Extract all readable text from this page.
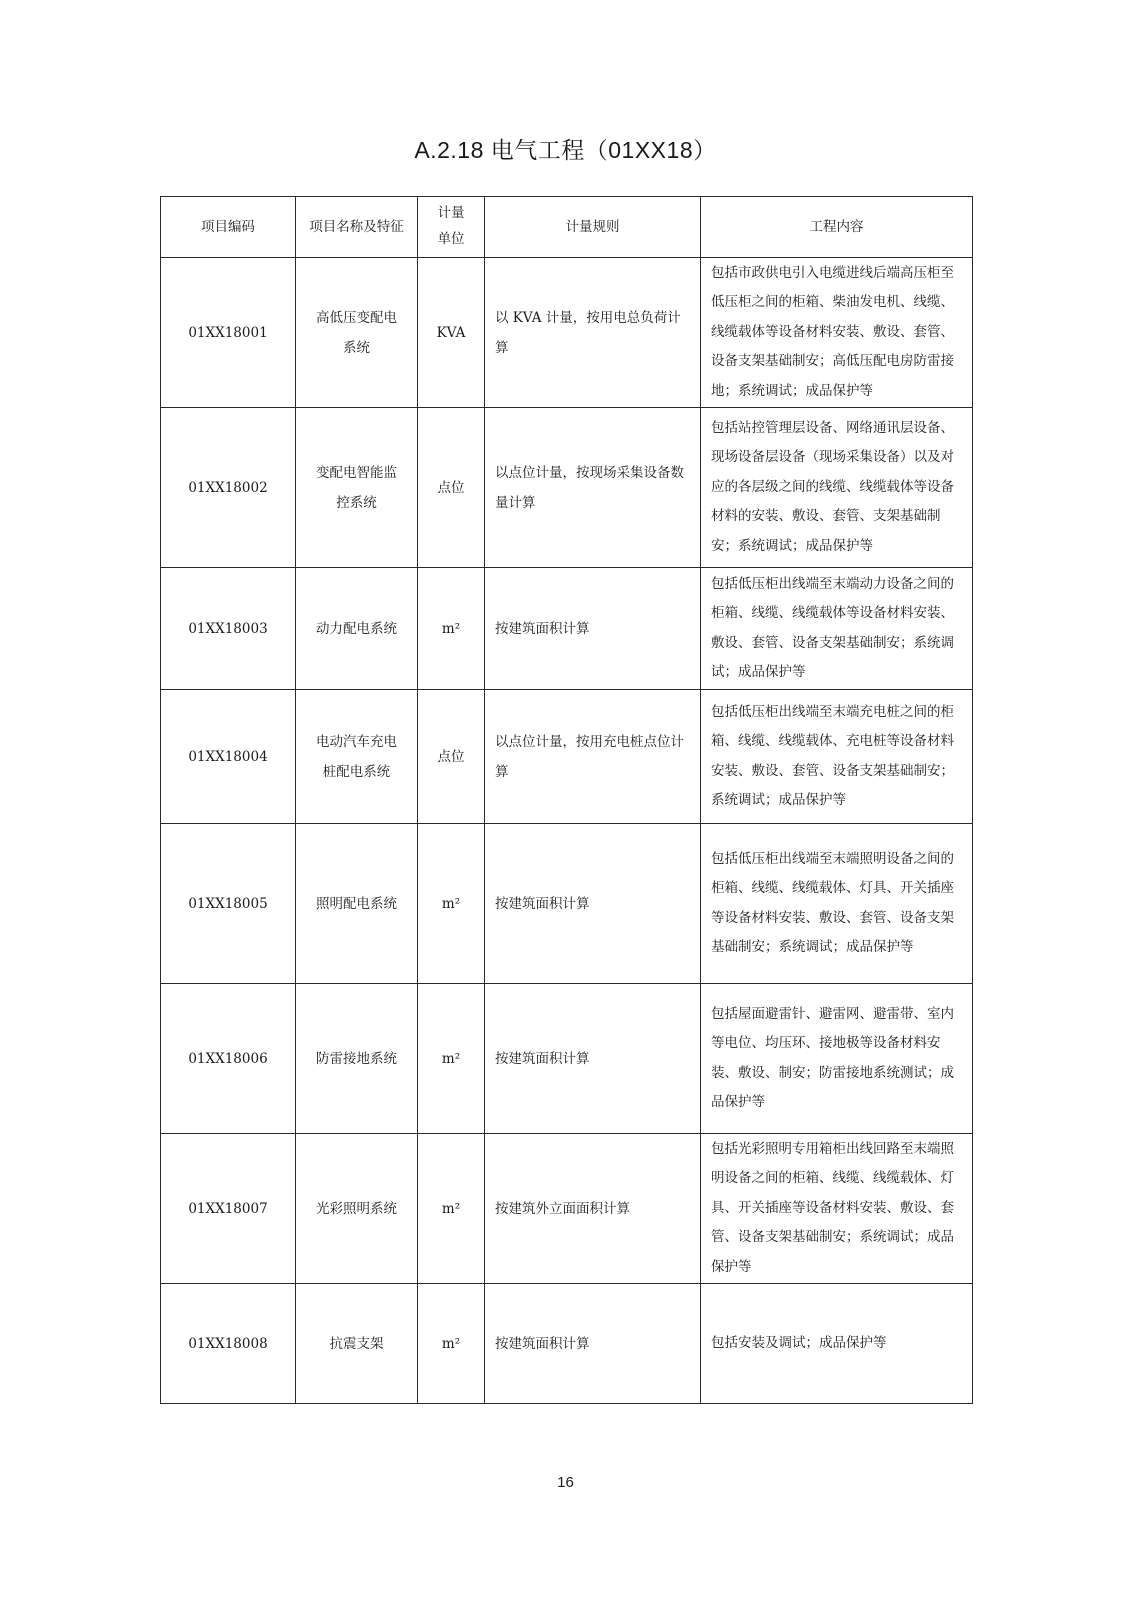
A.2.18 电气工程（01XX18）
项目编码	项目名称及特征	计量单位	计量规则	工程内容
01XX18001	高低压变配电系统	KVA	以 KVA 计量，按用电总负荷计算	包括市政供电引入电缆进线后端高压柜至低压柜之间的柜箱、柴油发电机、线缆、线缆载体等设备材料安装、敷设、套管、设备支架基础制安；高低压配电房防雷接地；系统调试；成品保护等
01XX18002	变配电智能监控系统	点位	以点位计量，按现场采集设备数量计算	包括站控管理层设备、网络通讯层设备、现场设备层设备（现场采集设备）以及对应的各层级之间的线缆、线缆载体等设备材料的安装、敷设、套管、支架基础制安；系统调试；成品保护等
01XX18003	动力配电系统	m²	按建筑面积计算	包括低压柜出线端至末端动力设备之间的柜箱、线缆、线缆载体等设备材料安装、敷设、套管、设备支架基础制安；系统调试；成品保护等
01XX18004	电动汽车充电桩配电系统	点位	以点位计量，按用充电桩点位计算	包括低压柜出线端至末端充电桩之间的柜箱、线缆、线缆载体、充电桩等设备材料安装、敷设、套管、设备支架基础制安；系统调试；成品保护等
01XX18005	照明配电系统	m²	按建筑面积计算	包括低压柜出线端至末端照明设备之间的柜箱、线缆、线缆载体、灯具、开关插座等设备材料安装、敷设、套管、设备支架基础制安；系统调试；成品保护等
01XX18006	防雷接地系统	m²	按建筑面积计算	包括屋面避雷针、避雷网、避雷带、室内等电位、均压环、接地极等设备材料安装、敷设、制安；防雷接地系统测试；成品保护等
01XX18007	光彩照明系统	m²	按建筑外立面面积计算	包括光彩照明专用箱柜出线回路至末端照明设备之间的柜箱、线缆、线缆载体、灯具、开关插座等设备材料安装、敷设、套管、设备支架基础制安；系统调试；成品保护等
01XX18008	抗震支架	m²	按建筑面积计算	包括安装及调试；成品保护等
16
